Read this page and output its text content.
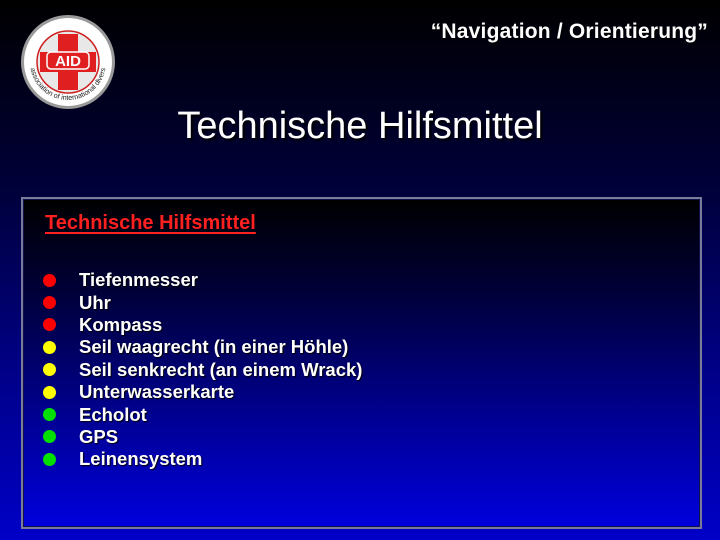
AID
association of international divers
“Navigation / Orientierung”
Technische Hilfsmittel
Technische Hilfsmittel
Tiefenmesser
Uhr
Kompass
Seil waagrecht (in einer Höhle)
Seil senkrecht (an einem Wrack)
Unterwasserkarte
Echolot
GPS
Leinensystem
